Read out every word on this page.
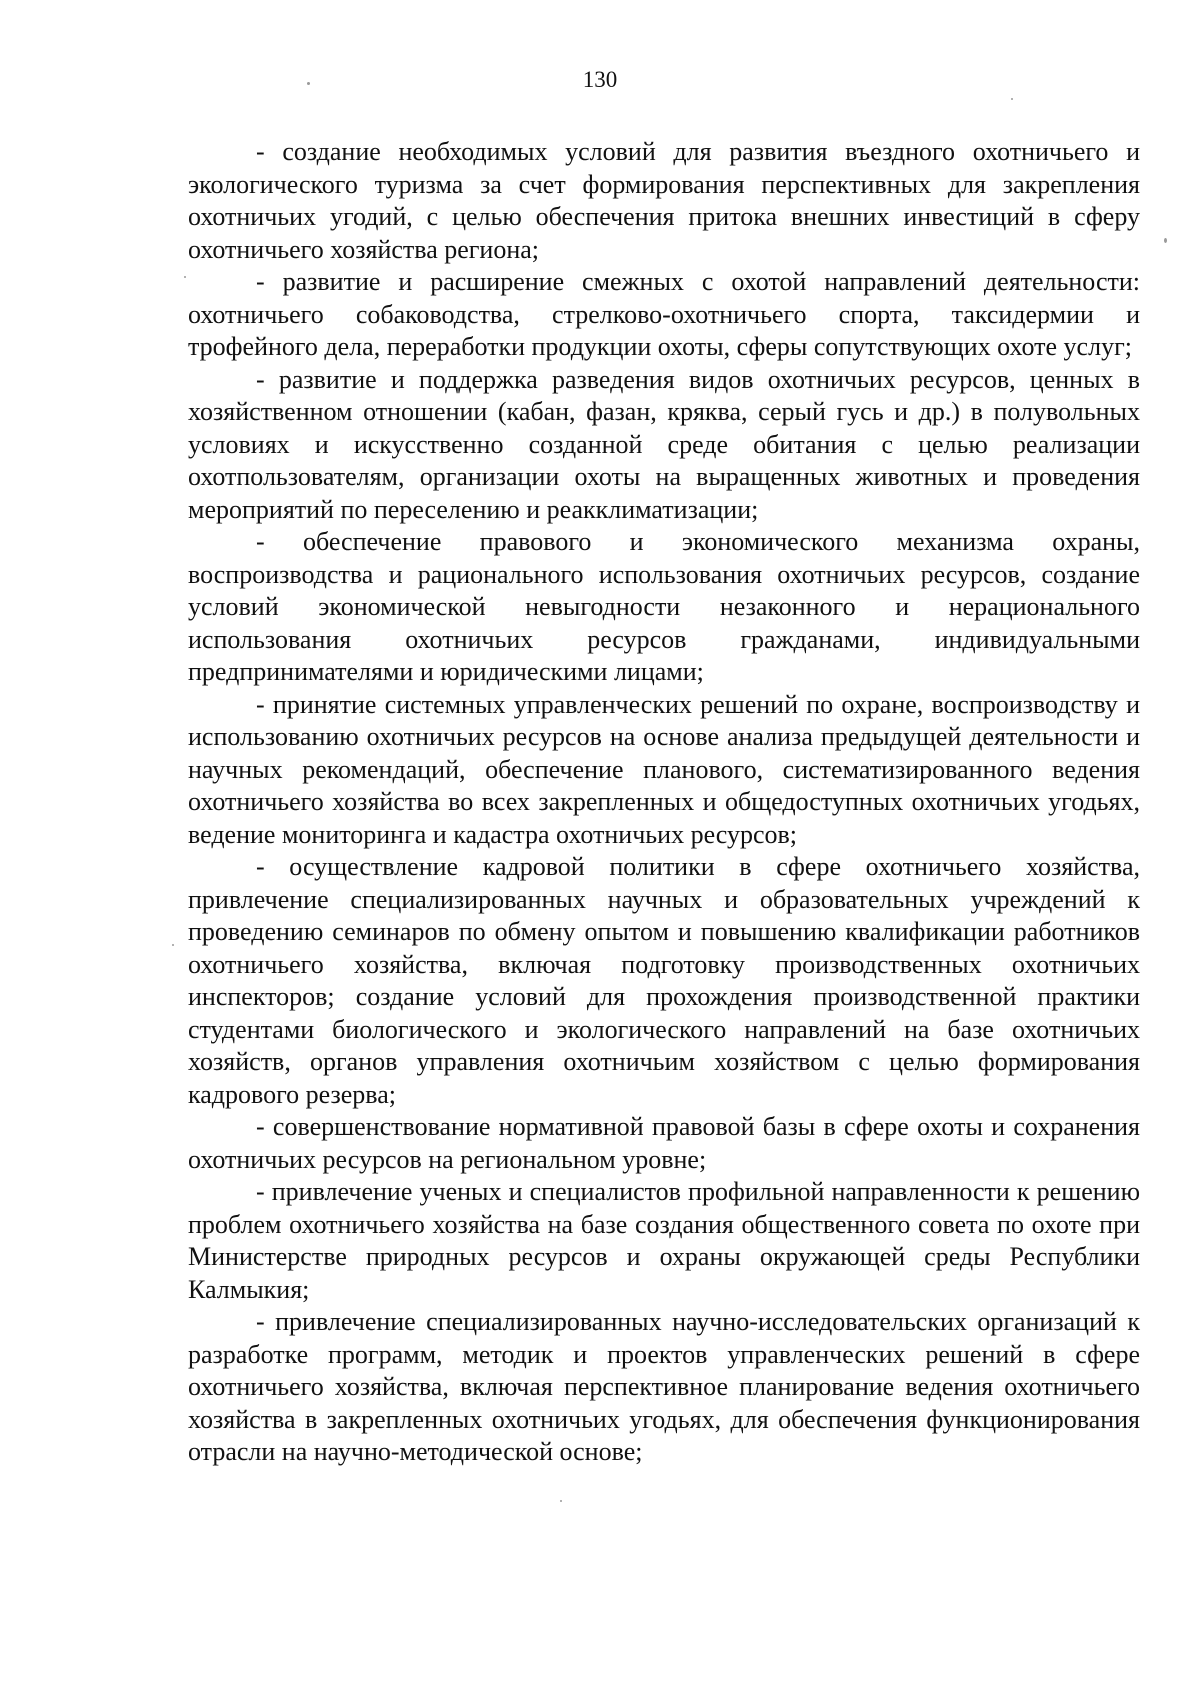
130

- создание необходимых условий для развития въездного охотничьего и экологического туризма за счет формирования перспективных для закрепления охотничьих угодий, с целью обеспечения притока внешних инвестиций в сферу охотничьего хозяйства региона;

- развитие и расширение смежных с охотой направлений деятельности: охотничьего собаководства, стрелково-охотничьего спорта, таксидермии и трофейного дела, переработки продукции охоты, сферы сопутствующих охоте услуг;

- развитие и поддержка разведения видов охотничьих ресурсов, ценных в хозяйственном отношении (кабан, фазан, кряква, серый гусь и др.) в полувольных условиях и искусственно созданной среде обитания с целью реализации охотпользователям, организации охоты на выращенных животных и проведения мероприятий по переселению и реакклиматизации;

- обеспечение правового и экономического механизма охраны, воспроизводства и рационального использования охотничьих ресурсов, создание условий экономической невыгодности незаконного и нерационального использования охотничьих ресурсов гражданами, индивидуальными предпринимателями и юридическими лицами;

- принятие системных управленческих решений по охране, воспроизводству и использованию охотничьих ресурсов на основе анализа предыдущей деятельности и научных рекомендаций, обеспечение планового, систематизированного ведения охотничьего хозяйства во всех закрепленных и общедоступных охотничьих угодьях, ведение мониторинга и кадастра охотничьих ресурсов;

- осуществление кадровой политики в сфере охотничьего хозяйства, привлечение специализированных научных и образовательных учреждений к проведению семинаров по обмену опытом и повышению квалификации работников охотничьего хозяйства, включая подготовку производственных охотничьих инспекторов; создание условий для прохождения производственной практики студентами биологического и экологического направлений на базе охотничьих хозяйств, органов управления охотничьим хозяйством с целью формирования кадрового резерва;

- совершенствование нормативной правовой базы в сфере охоты и сохранения охотничьих ресурсов на региональном уровне;

- привлечение ученых и специалистов профильной направленности к решению проблем охотничьего хозяйства на базе создания общественного совета по охоте при Министерстве природных ресурсов и охраны окружающей среды Республики Калмыкия;

- привлечение специализированных научно-исследовательских организаций к разработке программ, методик и проектов управленческих решений в сфере охотничьего хозяйства, включая перспективное планирование ведения охотничьего хозяйства в закрепленных охотничьих угодьях, для обеспечения функционирования отрасли на научно-методической основе;
